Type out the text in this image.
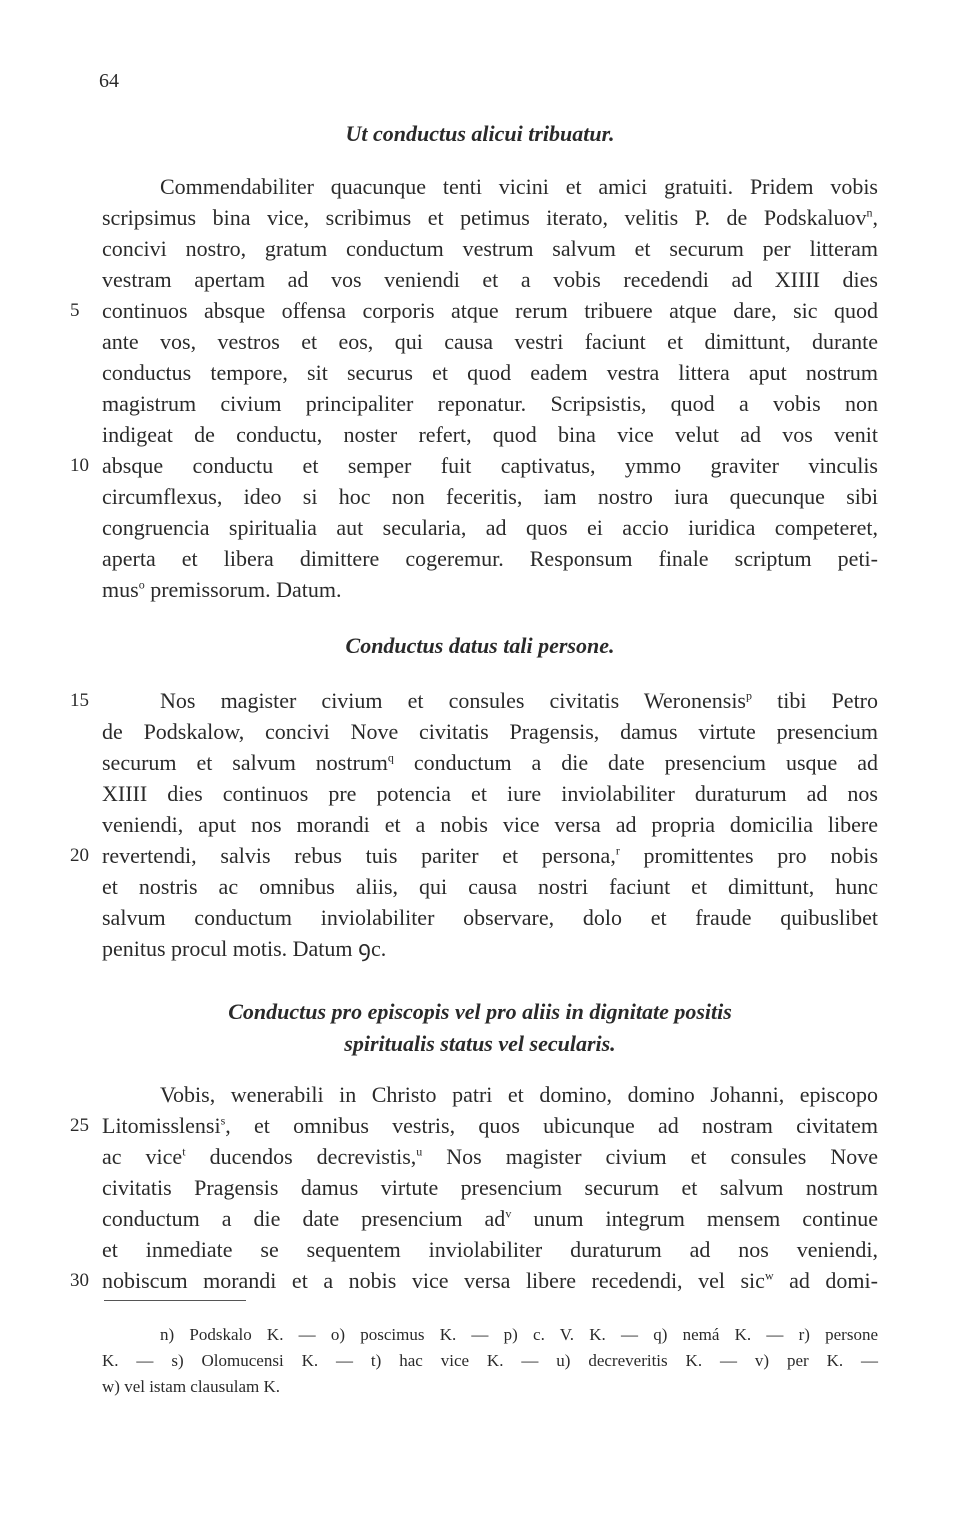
64
Ut conductus alicui tribuatur.
Commendabiliter quacunque tenti vicini et amici gratuiti. Pridem vobis
scripsimus bina vice, scribimus et petimus iterato, velitis P. de Podskaluov$^n$,
concivi nostro, gratum conductum vestrum salvum et securum per litteram
vestram apertam ad vos veniendi et a vobis recedendi ad XIIII dies
5	continuos absque offensa corporis atque rerum tribuere atque dare, sic quod
ante vos, vestros et eos, qui causa vestri faciunt et dimittunt, durante
conductus tempore, sit securus et quod eadem vestra littera aput nostrum
magistrum civium principaliter reponatur. Scripsistis, quod a vobis non
indigeat de conductu, noster refert, quod bina vice velut ad vos venit
10 absque conductu et semper fuit captivatus, ymmo graviter vinculis
circumflexus, ideo si hoc non feceritis, iam nostro iura quecunque sibi
congruencia spiritualia aut secularia, ad quos ei accio iuridica competeret,
aperta et libera dimittere cogeremur. Responsum finale scriptum peti-
mus$^o$ premissorum. Datum.
Conductus datus tali persone.
15	Nos magister civium et consules civitatis Weronensis$^p$ tibi Petro
de Podskalow, concivi Nove civitatis Pragensis, damus virtute presencium
securum et salvum nostrum$^q$ conductum a die date presencium usque ad
XIIII dies continuos pre potencia et iure inviolabiliter duraturum ad nos
veniendi, aput nos morandi et a nobis vice versa ad propria domicilia libere
20 revertendi, salvis rebus tuis pariter et persona,$^r$ promittentes pro nobis
et nostris ac omnibus aliis, qui causa nostri faciunt et dimittunt, hunc
salvum conductum inviolabiliter observare, dolo et fraude quibuslibet
penitus procul motis. Datum ꝯc.
Conductus pro episcopis vel pro aliis in dignitate positis
spiritualis status vel secularis.
Vobis, wenerabili in Christo patri et domino, domino Johanni, episcopo
25 Litomisslensi$^s$, et omnibus vestris, quos ubicunque ad nostram civitatem
ac vice$^t$ ducendos decrevistis,$^u$ Nos magister civium et consules Nove
civitatis Pragensis damus virtute presencium securum et salvum nostrum
conductum a die date presencium $ad^v$ unum integrum mensem continue
et inmediate se sequentem inviolabiliter duraturum ad nos veniendi,
30 nobiscum morandi et a nobis vice versa libere recedendi, vel sic$^w$ ad domi-
n) Podskalo K. — o) poscimus K. — p) c. V. K. — q) nemá K. — r) persone
K. — s) Olomucensi K. — t) hac vice K. — u) decreveritis K. — v) per K. —
w) vel istam clausulam K.
